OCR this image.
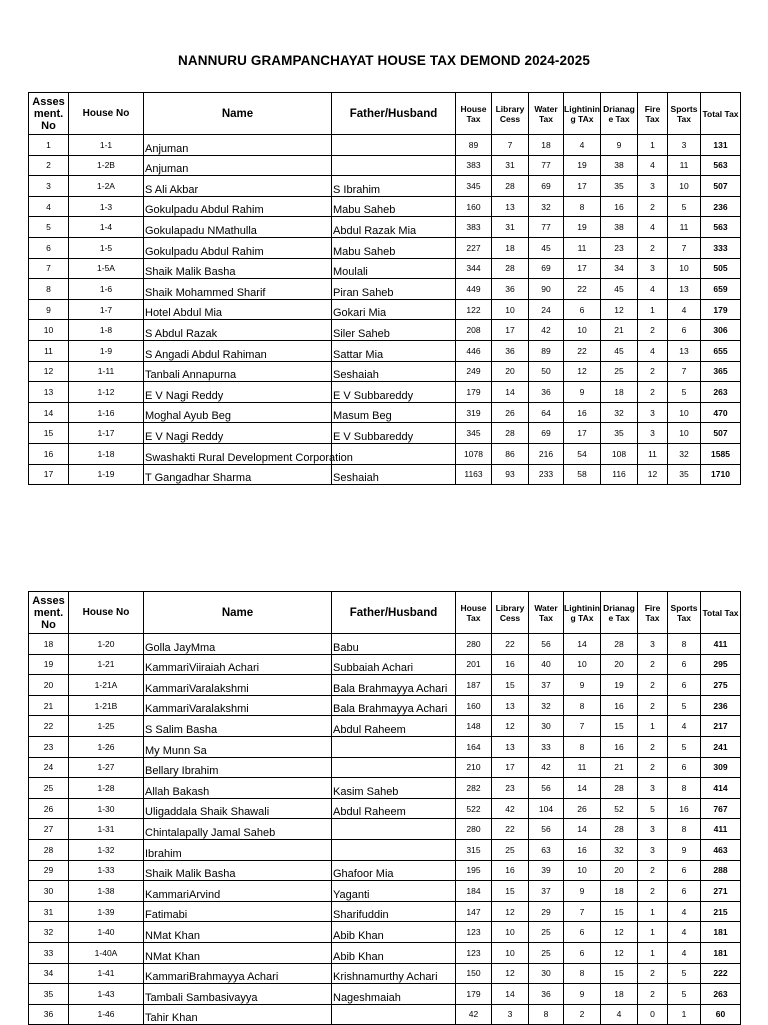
NANNURU GRAMPANCHAYAT HOUSE TAX DEMOND 2024-2025
Asses ment. No	House No	Name	Father/Husband	House Tax	Library Cess	Water Tax	Lightinin g TAx	Drianag e Tax	Fire Tax	Sports Tax	Total Tax
1	1-1	Anjuman		89	7	18	4	9	1	3	131
2	1-2B	Anjuman		383	31	77	19	38	4	11	563
3	1-2A	S Ali Akbar	S Ibrahim	345	28	69	17	35	3	10	507
4	1-3	Gokulpadu Abdul Rahim	Mabu Saheb	160	13	32	8	16	2	5	236
5	1-4	Gokulapadu NMathulla	Abdul Razak Mia	383	31	77	19	38	4	11	563
6	1-5	Gokulpadu Abdul Rahim	Mabu Saheb	227	18	45	11	23	2	7	333
7	1-5A	Shaik Malik Basha	Moulali	344	28	69	17	34	3	10	505
8	1-6	Shaik Mohammed Sharif	Piran Saheb	449	36	90	22	45	4	13	659
9	1-7	Hotel Abdul Mia	Gokari Mia	122	10	24	6	12	1	4	179
10	1-8	S Abdul Razak	Siler Saheb	208	17	42	10	21	2	6	306
11	1-9	S Angadi Abdul Rahiman	Sattar Mia	446	36	89	22	45	4	13	655
12	1-11	Tanbali Annapurna	Seshaiah	249	20	50	12	25	2	7	365
13	1-12	E V Nagi Reddy	E V Subbareddy	179	14	36	9	18	2	5	263
14	1-16	Moghal Ayub Beg	Masum Beg	319	26	64	16	32	3	10	470
15	1-17	E V Nagi Reddy	E V Subbareddy	345	28	69	17	35	3	10	507
16	1-18	Swashakti Rural Development Corporation		1078	86	216	54	108	11	32	1585
17	1-19	T Gangadhar Sharma	Seshaiah	1163	93	233	58	116	12	35	1710
Asses ment. No	House No	Name	Father/Husband	House Tax	Library Cess	Water Tax	Lightinin g TAx	Drianag e Tax	Fire Tax	Sports Tax	Total Tax
18	1-20	Golla JayMma	Babu	280	22	56	14	28	3	8	411
19	1-21	KammariViiraiah Achari	Subbaiah Achari	201	16	40	10	20	2	6	295
20	1-21A	KammariVaralakshmi	Bala Brahmayya Achari	187	15	37	9	19	2	6	275
21	1-21B	KammariVaralakshmi	Bala Brahmayya Achari	160	13	32	8	16	2	5	236
22	1-25	S Salim Basha	Abdul Raheem	148	12	30	7	15	1	4	217
23	1-26	My Munn Sa		164	13	33	8	16	2	5	241
24	1-27	Bellary Ibrahim		210	17	42	11	21	2	6	309
25	1-28	Allah Bakash	Kasim Saheb	282	23	56	14	28	3	8	414
26	1-30	Uligaddala Shaik Shawali	Abdul Raheem	522	42	104	26	52	5	16	767
27	1-31	Chintalapally Jamal Saheb		280	22	56	14	28	3	8	411
28	1-32	Ibrahim		315	25	63	16	32	3	9	463
29	1-33	Shaik Malik Basha	Ghafoor Mia	195	16	39	10	20	2	6	288
30	1-38	KammariArvind	Yaganti	184	15	37	9	18	2	6	271
31	1-39	Fatimabi	Sharifuddin	147	12	29	7	15	1	4	215
32	1-40	NMat Khan	Abib Khan	123	10	25	6	12	1	4	181
33	1-40A	NMat Khan	Abib Khan	123	10	25	6	12	1	4	181
34	1-41	KammariBrahmayya Achari	Krishnamurthy Achari	150	12	30	8	15	2	5	222
35	1-43	Tambali Sambasivayya	Nageshmaiah	179	14	36	9	18	2	5	263
36	1-46	Tahir Khan		42	3	8	2	4	0	1	60
